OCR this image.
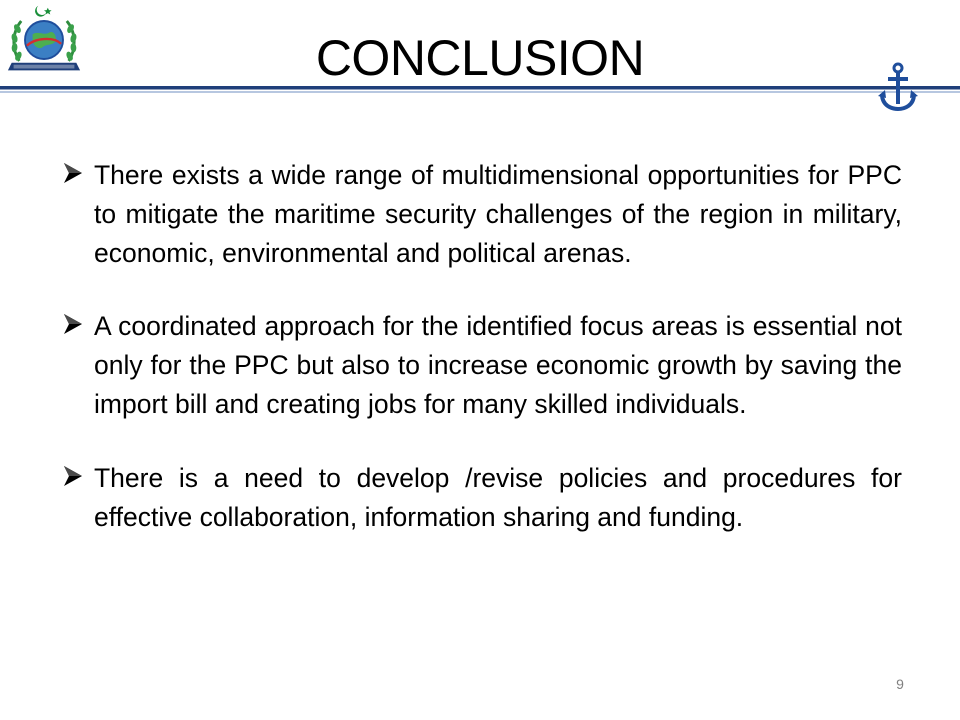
CONCLUSION
There exists a wide range of multidimensional opportunities for PPC to mitigate the maritime security challenges of the region in military, economic, environmental and political arenas.
A coordinated approach for the identified focus areas is essential not only for the PPC but also to increase economic growth by saving the import bill and creating jobs for many skilled individuals.
There is a need to develop /revise policies and procedures for effective collaboration, information sharing and funding.
9
